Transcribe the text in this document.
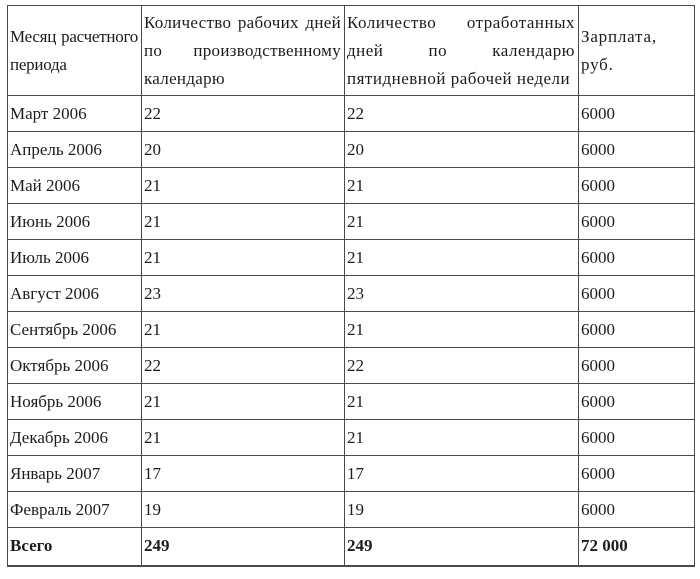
Месяц расчетного периода	Количество рабочих дней по производственному календарю	Количество отработанных дней по календарю пятидневной рабочей недели	Зарплата, руб.
Март 2006	22	22	6000
Апрель 2006	20	20	6000
Май 2006	21	21	6000
Июнь 2006	21	21	6000
Июль 2006	21	21	6000
Август 2006	23	23	6000
Сентябрь 2006	21	21	6000
Октябрь 2006	22	22	6000
Ноябрь 2006	21	21	6000
Декабрь 2006	21	21	6000
Январь 2007	17	17	6000
Февраль 2007	19	19	6000
Всего	249	249	72 000
